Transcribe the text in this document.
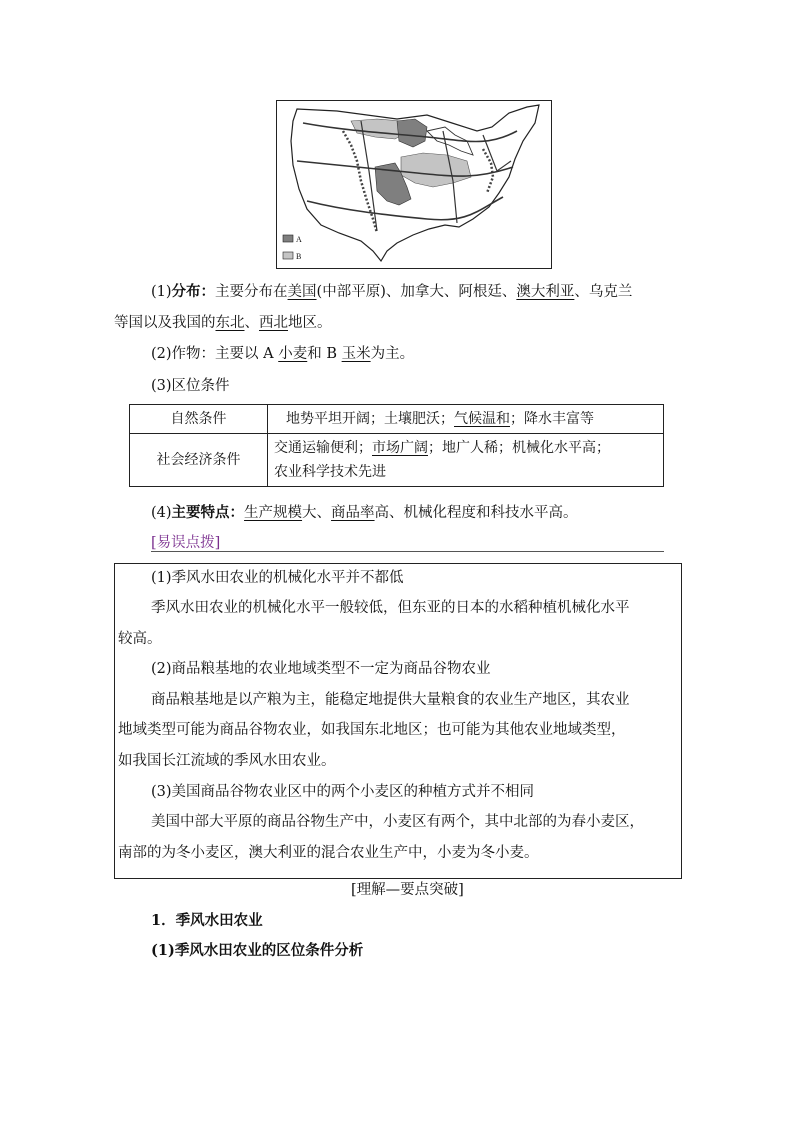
A
B
(1)分布：主要分布在美国(中部平原)、加拿大、阿根廷、澳大利亚、乌克兰
等国以及我国的东北、西北地区。
(2)作物：主要以 A 小麦和 B 玉米为主。
(3)区位条件
自然条件	地势平坦开阔；土壤肥沃；气候温和；降水丰富等
社会经济条件	交通运输便利；市场广阔；地广人稀；机械化水平高；
农业科学技术先进
(4)主要特点：生产规模大、商品率高、机械化程度和科技水平高。
[易误点拨]
(1)季风水田农业的机械化水平并不都低
季风水田农业的机械化水平一般较低，但东亚的日本的水稻种植机械化水平
较高。
(2)商品粮基地的农业地域类型不一定为商品谷物农业
商品粮基地是以产粮为主，能稳定地提供大量粮食的农业生产地区，其农业
地域类型可能为商品谷物农业，如我国东北地区；也可能为其他农业地域类型，
如我国长江流域的季风水田农业。
(3)美国商品谷物农业区中的两个小麦区的种植方式并不相同
美国中部大平原的商品谷物生产中，小麦区有两个，其中北部的为春小麦区，
南部的为冬小麦区，澳大利亚的混合农业生产中，小麦为冬小麦。
[理解—要点突破]
1．季风水田农业
(1)季风水田农业的区位条件分析
